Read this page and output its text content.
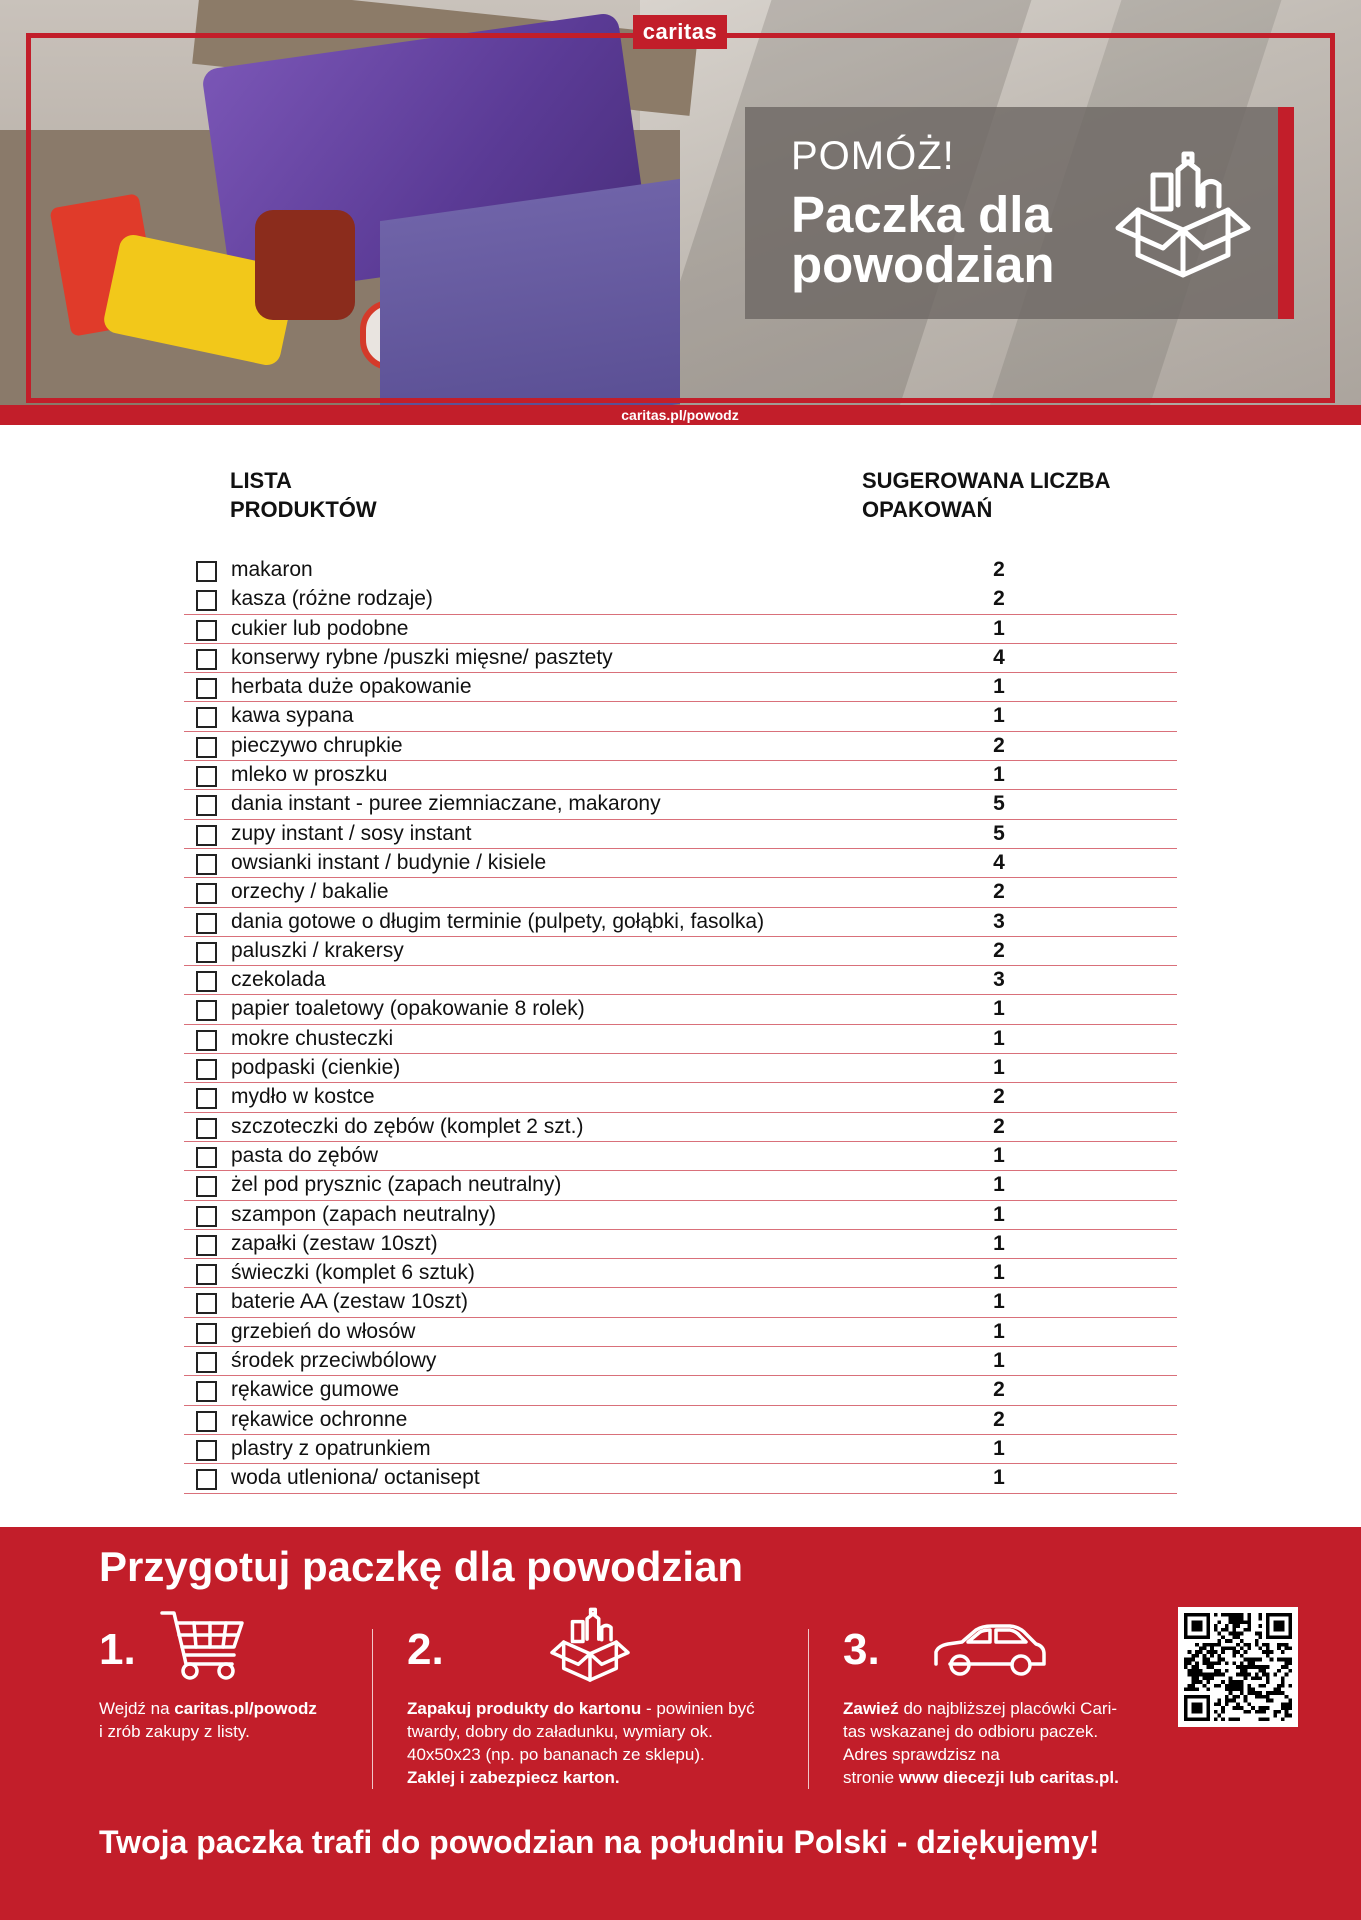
caritas
POMÓŻ!
Paczka dla powodzian
caritas.pl/powodz
LISTA
PRODUKTÓW
SUGEROWANA LICZBA
OPAKOWAŃ
makaron	2
kasza (różne rodzaje)	2
cukier lub podobne	1
konserwy rybne /puszki mięsne/ pasztety	4
herbata duże opakowanie	1
kawa sypana	1
pieczywo chrupkie	2
mleko w proszku	1
dania instant - puree ziemniaczane, makarony	5
zupy instant / sosy instant	5
owsianki instant / budynie / kisiele	4
orzechy / bakalie	2
dania gotowe o długim terminie (pulpety, gołąbki, fasolka)	3
paluszki / krakersy	2
czekolada	3
papier toaletowy (opakowanie 8 rolek)	1
mokre chusteczki	1
podpaski (cienkie)	1
mydło w kostce	2
szczoteczki do zębów (komplet 2 szt.)	2
pasta do zębów	1
żel pod prysznic (zapach neutralny)	1
szampon (zapach neutralny)	1
zapałki (zestaw 10szt)	1
świeczki (komplet 6 sztuk)	1
baterie AA (zestaw 10szt)	1
grzebień do włosów	1
środek przeciwbólowy	1
rękawice gumowe	2
rękawice ochronne	2
plastry z opatrunkiem	1
woda utleniona/ octanisept	1
Przygotuj paczkę dla powodzian
1.
Wejdź na caritas.pl/powodz
i zrób zakupy z listy.
2.
Zapakuj produkty do kartonu - powinien być
twardy, dobry do załadunku, wymiary ok.
40x50x23 (np. po bananach ze sklepu).
Zaklej i zabezpiecz karton.
3.
Zawieź do najbliższej placówki Cari-
tas wskazanej do odbioru paczek.
Adres sprawdzisz na
stronie www diecezji lub caritas.pl.
Twoja paczka trafi do powodzian na południu Polski - dziękujemy!
